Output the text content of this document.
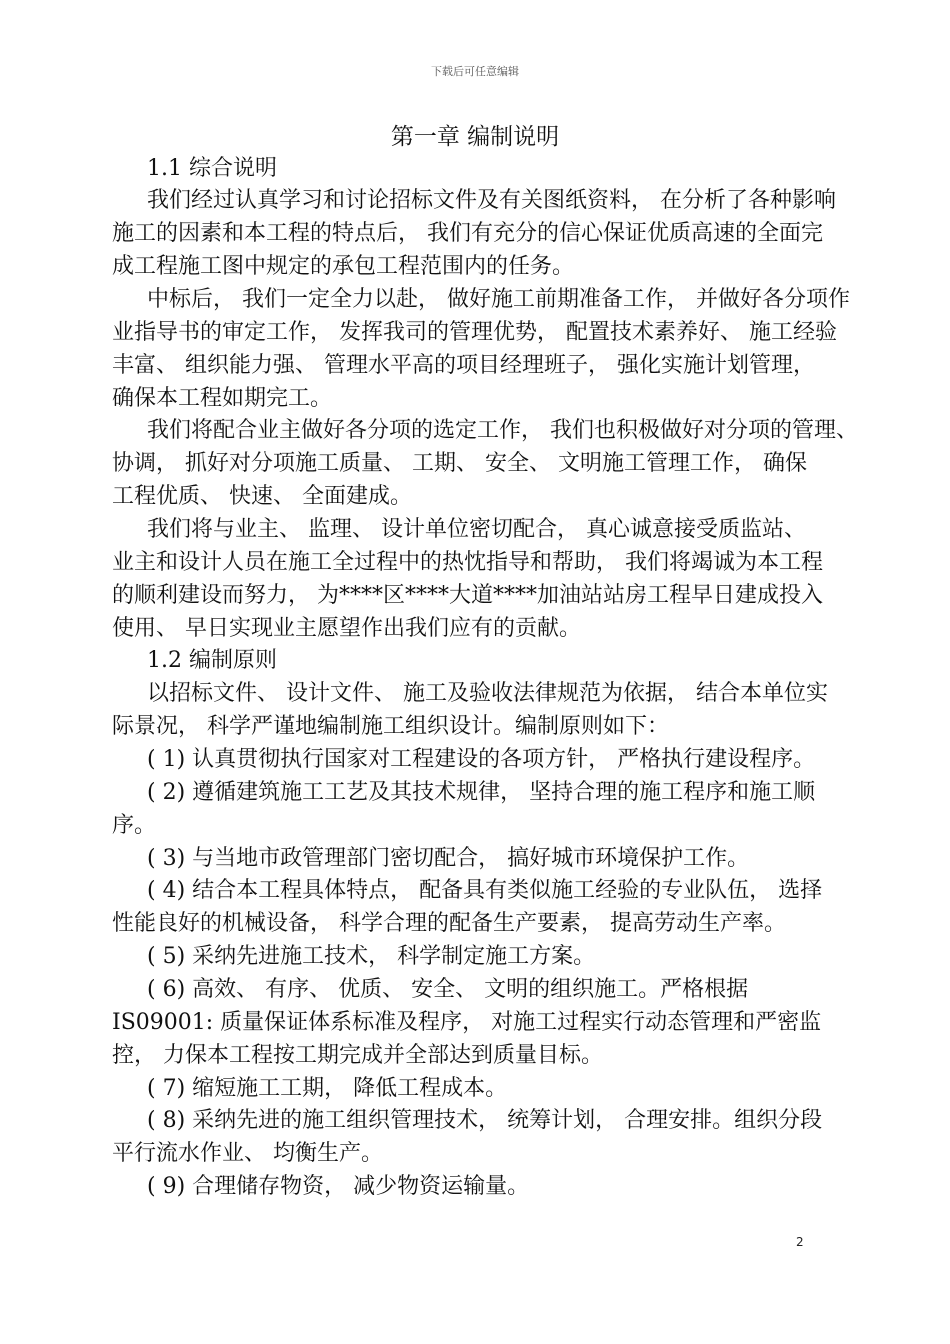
下载后可任意编辑
第一章 编制说明
1.1 综合说明
我们经过认真学习和讨论招标文件及有关图纸资料， 在分析了各种影响
施工的因素和本工程的特点后， 我们有充分的信心保证优质高速的全面完
成工程施工图中规定的承包工程范围内的任务。
中标后， 我们一定全力以赴， 做好施工前期准备工作， 并做好各分项作
业指导书的审定工作， 发挥我司的管理优势， 配置技术素养好、 施工经验
丰富、 组织能力强、 管理水平高的项目经理班子， 强化实施计划管理，
确保本工程如期完工。
我们将配合业主做好各分项的选定工作， 我们也积极做好对分项的管理、
协调， 抓好对分项施工质量、 工期、 安全、 文明施工管理工作， 确保
工程优质、 快速、 全面建成。
我们将与业主、 监理、 设计单位密切配合， 真心诚意接受质监站、
业主和设计人员在施工全过程中的热忱指导和帮助， 我们将竭诚为本工程
的顺利建设而努力， 为****区****大道****加油站站房工程早日建成投入
使用、 早日实现业主愿望作出我们应有的贡献。
1.2 编制原则
以招标文件、 设计文件、 施工及验收法律规范为依据， 结合本单位实
际景况， 科学严谨地编制施工组织设计。编制原则如下：
( 1) 认真贯彻执行国家对工程建设的各项方针， 严格执行建设程序。
( 2) 遵循建筑施工工艺及其技术规律， 坚持合理的施工程序和施工顺
序。
( 3) 与当地市政管理部门密切配合， 搞好城市环境保护工作。
( 4) 结合本工程具体特点， 配备具有类似施工经验的专业队伍， 选择
性能良好的机械设备， 科学合理的配备生产要素， 提高劳动生产率。
( 5) 采纳先进施工技术， 科学制定施工方案。
( 6) 高效、 有序、 优质、 安全、 文明的组织施工。严格根据
IS09001: 质量保证体系标准及程序， 对施工过程实行动态管理和严密监
控， 力保本工程按工期完成并全部达到质量目标。
( 7) 缩短施工工期， 降低工程成本。
( 8) 采纳先进的施工组织管理技术， 统筹计划， 合理安排。组织分段
平行流水作业、 均衡生产。
( 9) 合理储存物资， 减少物资运输量。
2
